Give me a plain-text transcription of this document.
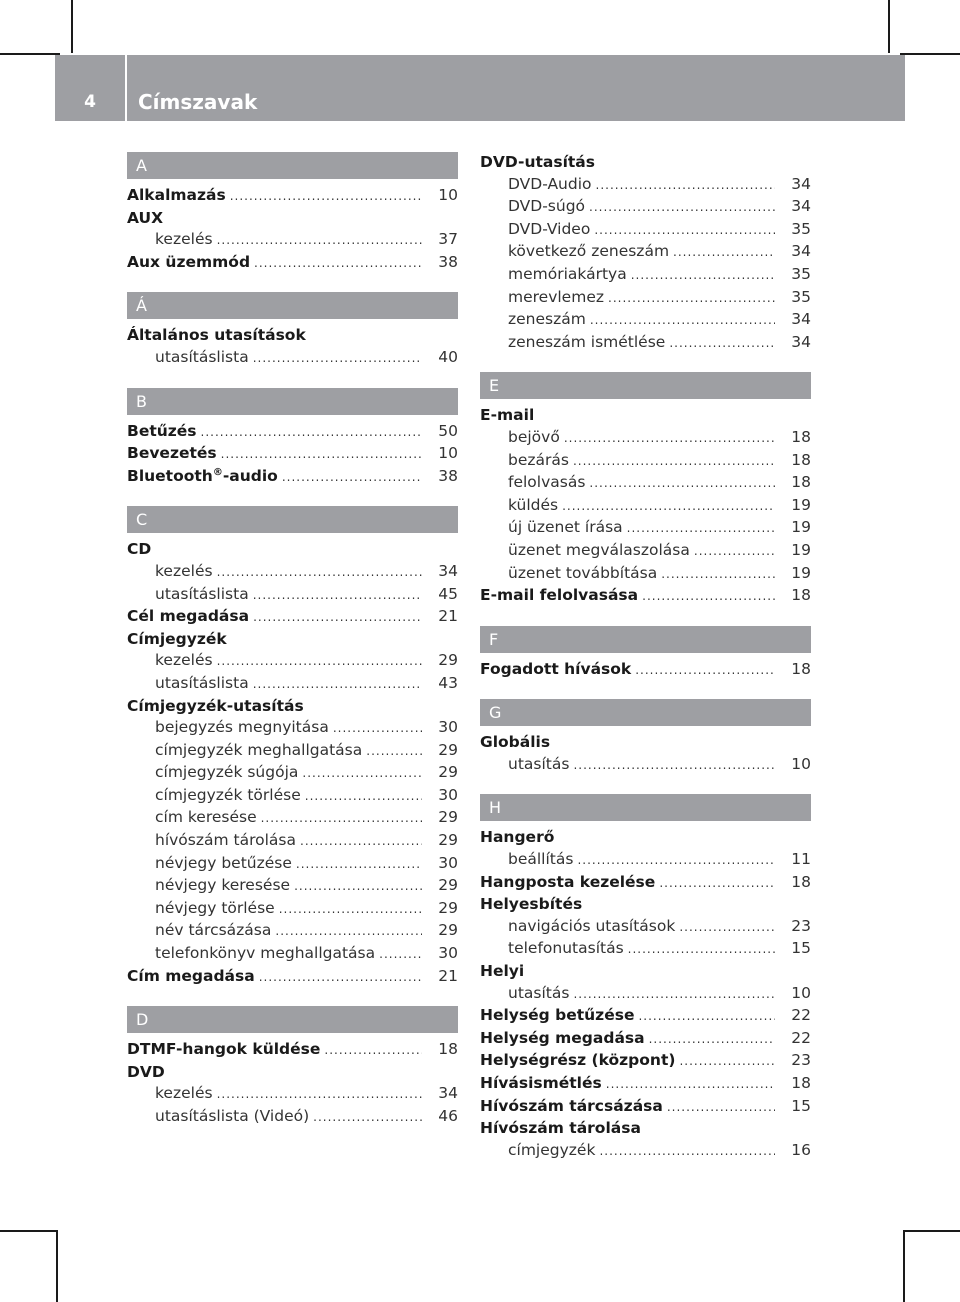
4	Címszavak
A
Alkalmazás .....	10
AUX
kezelés .....	37
Aux üzemmód .....	38
Á
Általános utasítások
utasításlista .....	40
B
Betűzés .....	50
Bevezetés .....	10
Bluetooth®-audio .....	38
C
CD
kezelés .....	34
utasításlista .....	45
Cél megadása .....	21
Címjegyzék
kezelés .....	29
utasításlista .....	43
Címjegyzék-utasítás
bejegyzés megnyitása .....	30
címjegyzék meghallgatása .....	29
címjegyzék súgója .....	29
címjegyzék törlése .....	30
cím keresése .....	29
hívószám tárolása .....	29
névjegy betűzése .....	30
névjegy keresése .....	29
névjegy törlése .....	29
név tárcsázása .....	29
telefonkönyv meghallgatása .....	30
Cím megadása .....	21
D
DTMF-hangok küldése .....	18
DVD
kezelés .....	34
utasításlista (Videó) .....	46
DVD-utasítás
DVD-Audio .....	34
DVD-súgó .....	34
DVD-Video .....	35
következő zeneszám .....	34
memóriakártya .....	35
merevlemez .....	35
zeneszám .....	34
zeneszám ismétlése .....	34
E
E-mail
bejövő .....	18
bezárás .....	18
felolvasás .....	18
küldés .....	19
új üzenet írása .....	19
üzenet megválaszolása .....	19
üzenet továbbítása .....	19
E-mail felolvasása .....	18
F
Fogadott hívások .....	18
G
Globális
utasítás .....	10
H
Hangerő
beállítás .....	11
Hangposta kezelése .....	18
Helyesbítés
navigációs utasítások .....	23
telefonutasítás .....	15
Helyi
utasítás .....	10
Helység betűzése .....	22
Helység megadása .....	22
Helységrész (központ) .....	23
Hívásismétlés .....	18
Hívószám tárcsázása .....	15
Hívószám tárolása
címjegyzék .....	16
